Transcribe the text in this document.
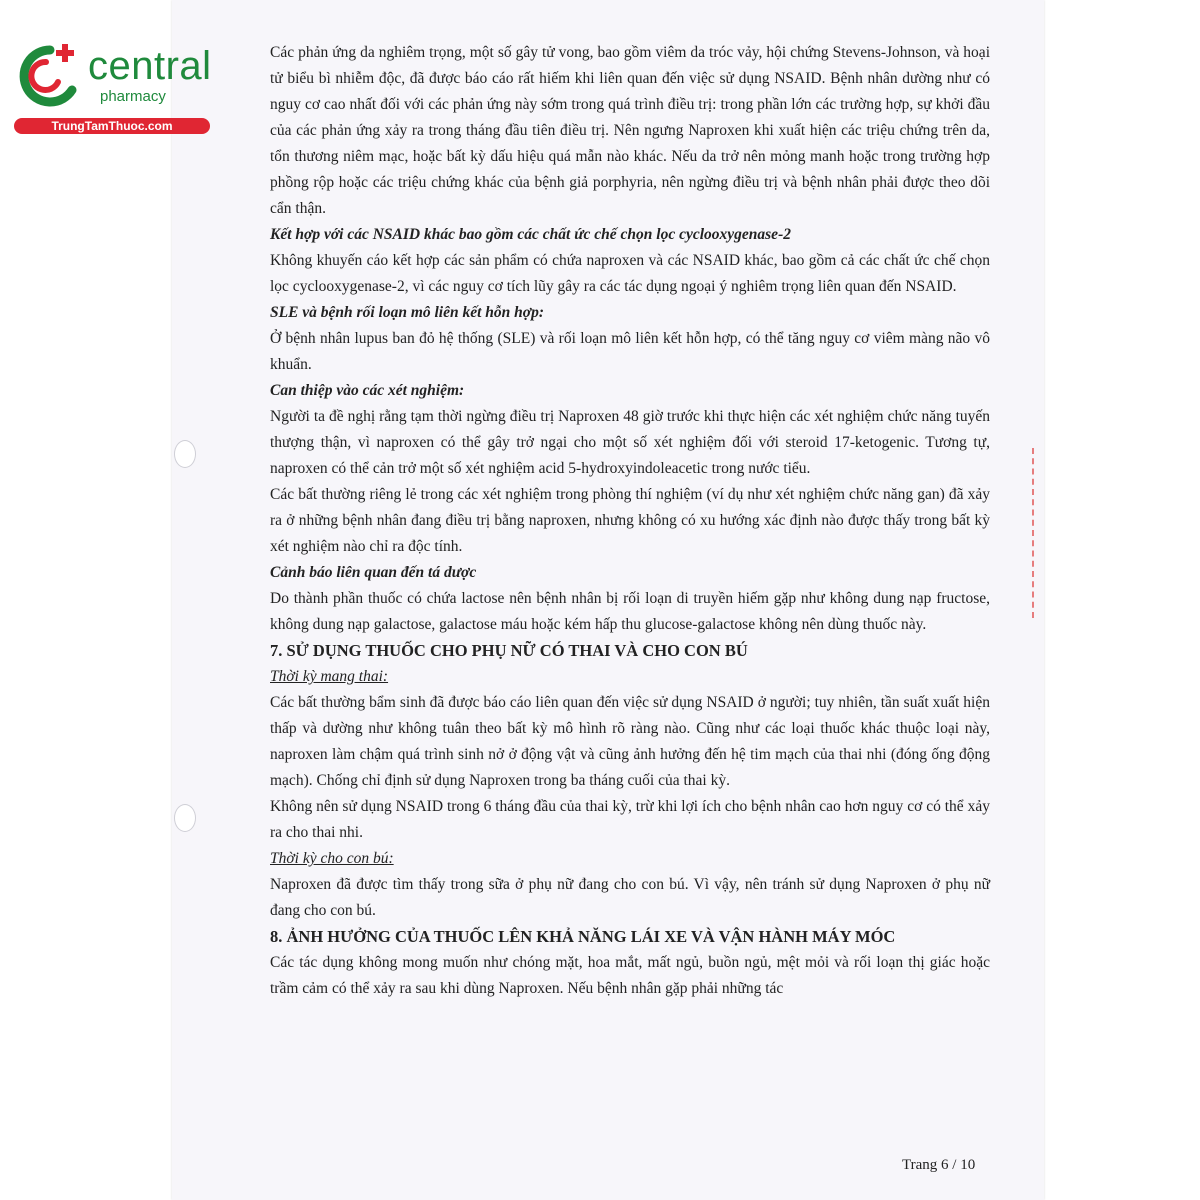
central
pharmacy
TrungTamThuoc.com

Các phản ứng da nghiêm trọng, một số gây tử vong, bao gồm viêm da tróc vảy, hội chứng Stevens-Johnson, và hoại tử biểu bì nhiễm độc, đã được báo cáo rất hiếm khi liên quan đến việc sử dụng NSAID. Bệnh nhân dường như có nguy cơ cao nhất đối với các phản ứng này sớm trong quá trình điều trị: trong phần lớn các trường hợp, sự khởi đầu của các phản ứng xảy ra trong tháng đầu tiên điều trị. Nên ngưng Naproxen khi xuất hiện các triệu chứng trên da, tổn thương niêm mạc, hoặc bất kỳ dấu hiệu quá mẫn nào khác. Nếu da trở nên mỏng manh hoặc trong trường hợp phồng rộp hoặc các triệu chứng khác của bệnh giả porphyria, nên ngừng điều trị và bệnh nhân phải được theo dõi cẩn thận.

Kết hợp với các NSAID khác bao gồm các chất ức chế chọn lọc cyclooxygenase-2

Không khuyến cáo kết hợp các sản phẩm có chứa naproxen và các NSAID khác, bao gồm cả các chất ức chế chọn lọc cyclooxygenase-2, vì các nguy cơ tích lũy gây ra các tác dụng ngoại ý nghiêm trọng liên quan đến NSAID.

SLE và bệnh rối loạn mô liên kết hỗn hợp:

Ở bệnh nhân lupus ban đỏ hệ thống (SLE) và rối loạn mô liên kết hỗn hợp, có thể tăng nguy cơ viêm màng não vô khuẩn.

Can thiệp vào các xét nghiệm:

Người ta đề nghị rằng tạm thời ngừng điều trị Naproxen 48 giờ trước khi thực hiện các xét nghiệm chức năng tuyến thượng thận, vì naproxen có thể gây trở ngại cho một số xét nghiệm đối với steroid 17-ketogenic. Tương tự, naproxen có thể cản trở một số xét nghiệm acid 5-hydroxyindoleacetic trong nước tiểu.

Các bất thường riêng lẻ trong các xét nghiệm trong phòng thí nghiệm (ví dụ như xét nghiệm chức năng gan) đã xảy ra ở những bệnh nhân đang điều trị bằng naproxen, nhưng không có xu hướng xác định nào được thấy trong bất kỳ xét nghiệm nào chỉ ra độc tính.

Cảnh báo liên quan đến tá dược

Do thành phần thuốc có chứa lactose nên bệnh nhân bị rối loạn di truyền hiếm gặp như không dung nạp fructose, không dung nạp galactose, galactose máu hoặc kém hấp thu glucose-galactose không nên dùng thuốc này.

7. SỬ DỤNG THUỐC CHO PHỤ NỮ CÓ THAI VÀ CHO CON BÚ

Thời kỳ mang thai:

Các bất thường bẩm sinh đã được báo cáo liên quan đến việc sử dụng NSAID ở người; tuy nhiên, tần suất xuất hiện thấp và dường như không tuân theo bất kỳ mô hình rõ ràng nào. Cũng như các loại thuốc khác thuộc loại này, naproxen làm chậm quá trình sinh nở ở động vật và cũng ảnh hưởng đến hệ tim mạch của thai nhi (đóng ống động mạch). Chống chỉ định sử dụng Naproxen trong ba tháng cuối của thai kỳ.

Không nên sử dụng NSAID trong 6 tháng đầu của thai kỳ, trừ khi lợi ích cho bệnh nhân cao hơn nguy cơ có thể xảy ra cho thai nhi.

Thời kỳ cho con bú:

Naproxen đã được tìm thấy trong sữa ở phụ nữ đang cho con bú. Vì vậy, nên tránh sử dụng Naproxen ở phụ nữ đang cho con bú.

8. ẢNH HƯỞNG CỦA THUỐC LÊN KHẢ NĂNG LÁI XE VÀ VẬN HÀNH MÁY MÓC

Các tác dụng không mong muốn như chóng mặt, hoa mắt, mất ngủ, buồn ngủ, mệt mỏi và rối loạn thị giác hoặc trầm cảm có thể xảy ra sau khi dùng Naproxen. Nếu bệnh nhân gặp phải những tác

Trang 6 / 10
